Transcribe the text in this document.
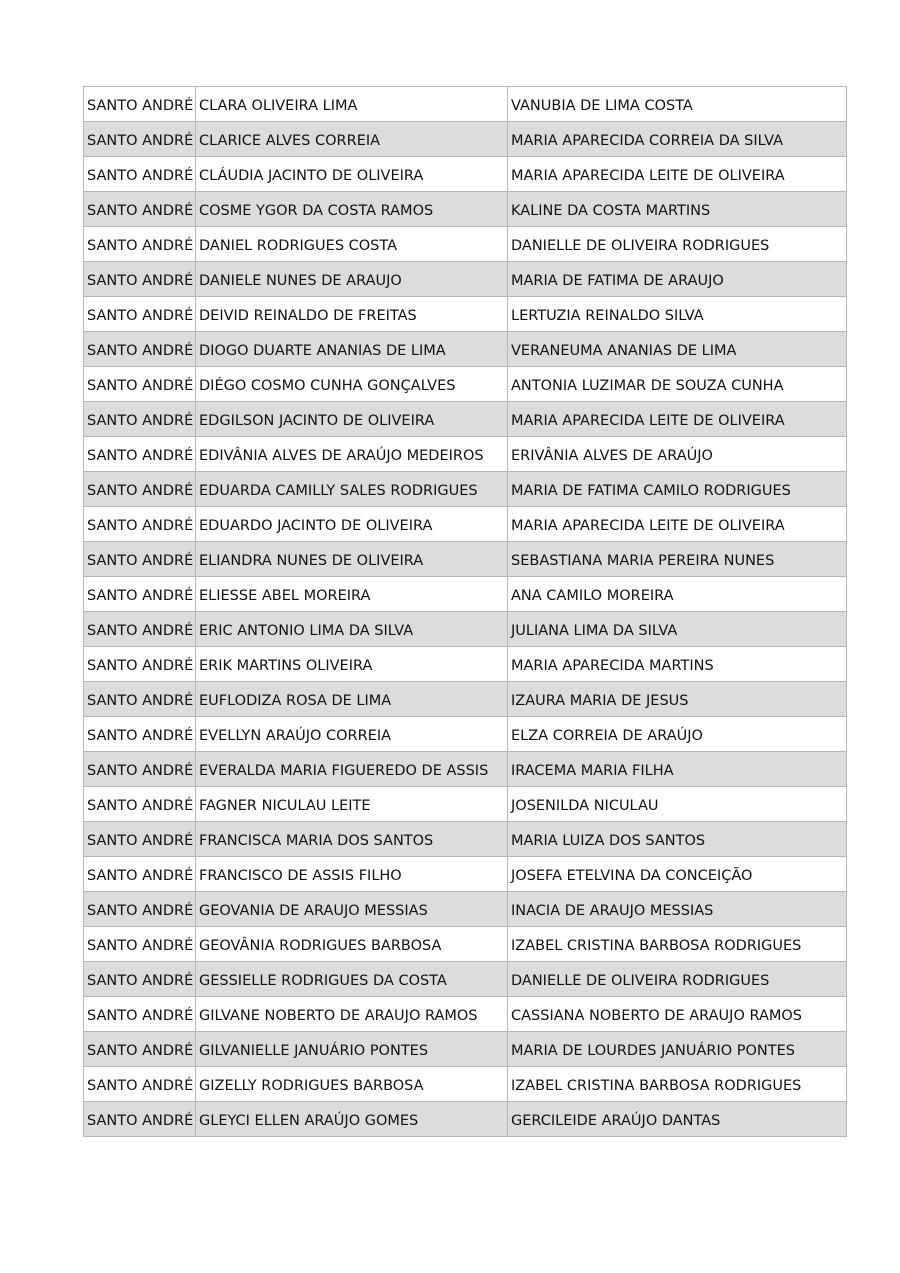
SANTO ANDRÉ	CLARA OLIVEIRA LIMA	VANUBIA DE LIMA COSTA
SANTO ANDRÉ	CLARICE ALVES CORREIA	MARIA APARECIDA CORREIA DA SILVA
SANTO ANDRÉ	CLÁUDIA JACINTO DE OLIVEIRA	MARIA APARECIDA LEITE DE OLIVEIRA
SANTO ANDRÉ	COSME YGOR DA COSTA RAMOS	KALINE DA COSTA MARTINS
SANTO ANDRÉ	DANIEL RODRIGUES COSTA	DANIELLE DE OLIVEIRA RODRIGUES
SANTO ANDRÉ	DANIELE NUNES DE ARAUJO	MARIA DE FATIMA DE ARAUJO
SANTO ANDRÉ	DEIVID REINALDO DE FREITAS	LERTUZIA REINALDO SILVA
SANTO ANDRÉ	DIOGO DUARTE ANANIAS DE LIMA	VERANEUMA ANANIAS DE LIMA
SANTO ANDRÉ	DIÉGO COSMO CUNHA GONÇALVES	ANTONIA LUZIMAR DE SOUZA CUNHA
SANTO ANDRÉ	EDGILSON JACINTO DE OLIVEIRA	MARIA APARECIDA LEITE DE OLIVEIRA
SANTO ANDRÉ	EDIVÂNIA ALVES DE ARAÚJO MEDEIROS	ERIVÂNIA ALVES DE ARAÚJO
SANTO ANDRÉ	EDUARDA CAMILLY SALES RODRIGUES	MARIA DE FATIMA CAMILO RODRIGUES
SANTO ANDRÉ	EDUARDO JACINTO DE OLIVEIRA	MARIA APARECIDA LEITE DE OLIVEIRA
SANTO ANDRÉ	ELIANDRA NUNES DE OLIVEIRA	SEBASTIANA MARIA PEREIRA NUNES
SANTO ANDRÉ	ELIESSE ABEL MOREIRA	ANA CAMILO MOREIRA
SANTO ANDRÉ	ERIC ANTONIO LIMA DA SILVA	JULIANA LIMA DA SILVA
SANTO ANDRÉ	ERIK MARTINS OLIVEIRA	MARIA APARECIDA MARTINS
SANTO ANDRÉ	EUFLODIZA ROSA DE LIMA	IZAURA MARIA DE JESUS
SANTO ANDRÉ	EVELLYN ARAÚJO CORREIA	ELZA CORREIA DE ARAÚJO
SANTO ANDRÉ	EVERALDA MARIA FIGUEREDO DE ASSIS	IRACEMA MARIA FILHA
SANTO ANDRÉ	FAGNER NICULAU LEITE	JOSENILDA NICULAU
SANTO ANDRÉ	FRANCISCA MARIA DOS SANTOS	MARIA LUIZA DOS SANTOS
SANTO ANDRÉ	FRANCISCO DE ASSIS FILHO	JOSEFA ETELVINA DA CONCEIÇÃO
SANTO ANDRÉ	GEOVANIA DE ARAUJO MESSIAS	INACIA DE ARAUJO MESSIAS
SANTO ANDRÉ	GEOVÂNIA RODRIGUES BARBOSA	IZABEL CRISTINA BARBOSA RODRIGUES
SANTO ANDRÉ	GESSIELLE RODRIGUES DA COSTA	DANIELLE DE OLIVEIRA RODRIGUES
SANTO ANDRÉ	GILVANE NOBERTO DE ARAUJO RAMOS	CASSIANA NOBERTO DE ARAUJO RAMOS
SANTO ANDRÉ	GILVANIELLE JANUÁRIO PONTES	MARIA DE LOURDES JANUÁRIO PONTES
SANTO ANDRÉ	GIZELLY RODRIGUES BARBOSA	IZABEL CRISTINA BARBOSA RODRIGUES
SANTO ANDRÉ	GLEYCI ELLEN ARAÚJO GOMES	GERCILEIDE ARAÚJO DANTAS
